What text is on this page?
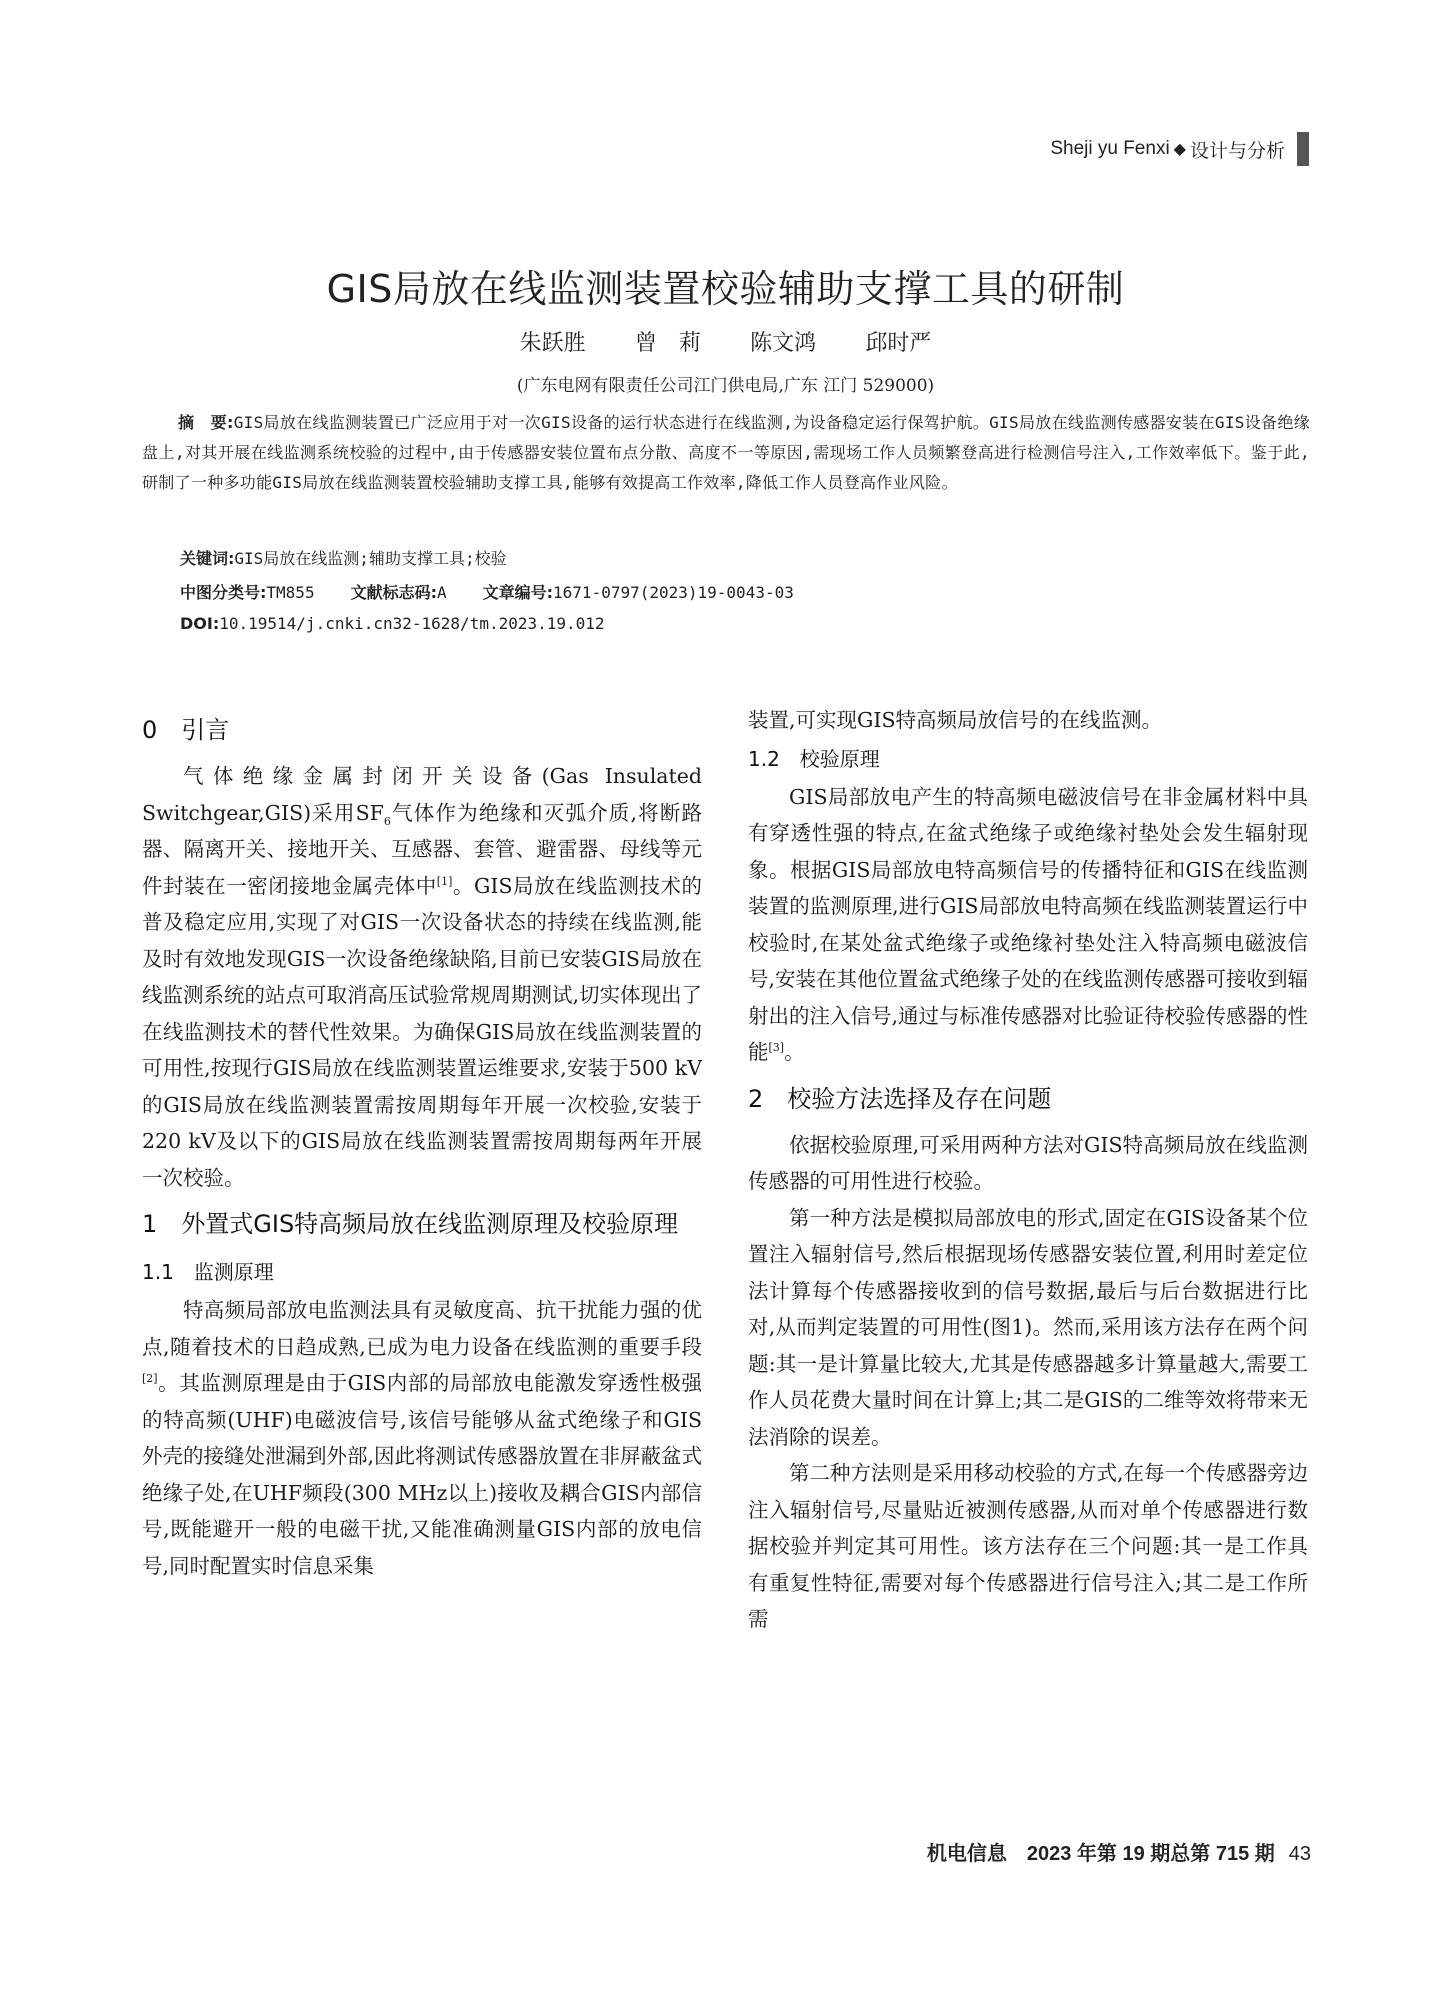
Sheji yu Fenxi ◆ 设计与分析
GIS局放在线监测装置校验辅助支撑工具的研制
朱跃胜 曾　莉 陈文鸿 邱时严
(广东电网有限责任公司江门供电局,广东 江门 529000)
摘　要:GIS局放在线监测装置已广泛应用于对一次GIS设备的运行状态进行在线监测,为设备稳定运行保驾护航。GIS局放在线监测传感器安装在GIS设备绝缘盘上,对其开展在线监测系统校验的过程中,由于传感器安装位置布点分散、高度不一等原因,需现场工作人员频繁登高进行检测信号注入,工作效率低下。鉴于此,研制了一种多功能GIS局放在线监测装置校验辅助支撑工具,能够有效提高工作效率,降低工作人员登高作业风险。
关键词:GIS局放在线监测;辅助支撑工具;校验
中图分类号:TM855 文献标志码:A 文章编号:1671-0797(2023)19-0043-03
DOI:10.19514/j.cnki.cn32-1628/tm.2023.19.012
0　引言

气体绝缘金属封闭开关设备(Gas Insulated Switchgear,GIS)采用$SF_6$气体作为绝缘和灭弧介质,将断路器、隔离开关、接地开关、互感器、套管、避雷器、母线等元件封装在一密闭接地金属壳体中[1]。GIS局放在线监测技术的普及稳定应用,实现了对GIS一次设备状态的持续在线监测,能及时有效地发现GIS一次设备绝缘缺陷,目前已安装GIS局放在线监测系统的站点可取消高压试验常规周期测试,切实体现出了在线监测技术的替代性效果。为确保GIS局放在线监测装置的可用性,按现行GIS局放在线监测装置运维要求,安装于500 kV的GIS局放在线监测装置需按周期每年开展一次校验,安装于220 kV及以下的GIS局放在线监测装置需按周期每两年开展一次校验。

1　外置式GIS特高频局放在线监测原理及校验原理
1.1　监测原理

特高频局部放电监测法具有灵敏度高、抗干扰能力强的优点,随着技术的日趋成熟,已成为电力设备在线监测的重要手段[2]。其监测原理是由于GIS内部的局部放电能激发穿透性极强的特高频(UHF)电磁波信号,该信号能够从盆式绝缘子和GIS外壳的接缝处泄漏到外部,因此将测试传感器放置在非屏蔽盆式绝缘子处,在UHF频段(300 MHz以上)接收及耦合GIS内部信号,既能避开一般的电磁干扰,又能准确测量GIS内部的放电信号,同时配置实时信息采集

装置,可实现GIS特高频局放信号的在线监测。

1.2　校验原理

GIS局部放电产生的特高频电磁波信号在非金属材料中具有穿透性强的特点,在盆式绝缘子或绝缘衬垫处会发生辐射现象。根据GIS局部放电特高频信号的传播特征和GIS在线监测装置的监测原理,进行GIS局部放电特高频在线监测装置运行中校验时,在某处盆式绝缘子或绝缘衬垫处注入特高频电磁波信号,安装在其他位置盆式绝缘子处的在线监测传感器可接收到辐射出的注入信号,通过与标准传感器对比验证待校验传感器的性能[3]。

2　校验方法选择及存在问题

依据校验原理,可采用两种方法对GIS特高频局放在线监测传感器的可用性进行校验。

第一种方法是模拟局部放电的形式,固定在GIS设备某个位置注入辐射信号,然后根据现场传感器安装位置,利用时差定位法计算每个传感器接收到的信号数据,最后与后台数据进行比对,从而判定装置的可用性(图1)。然而,采用该方法存在两个问题:其一是计算量比较大,尤其是传感器越多计算量越大,需要工作人员花费大量时间在计算上;其二是GIS的二维等效将带来无法消除的误差。

第二种方法则是采用移动校验的方式,在每一个传感器旁边注入辐射信号,尽量贴近被测传感器,从而对单个传感器进行数据校验并判定其可用性。该方法存在三个问题:其一是工作具有重复性特征,需要对每个传感器进行信号注入;其二是工作所需

机电信息　2023 年第 19 期总第 715 期 43
